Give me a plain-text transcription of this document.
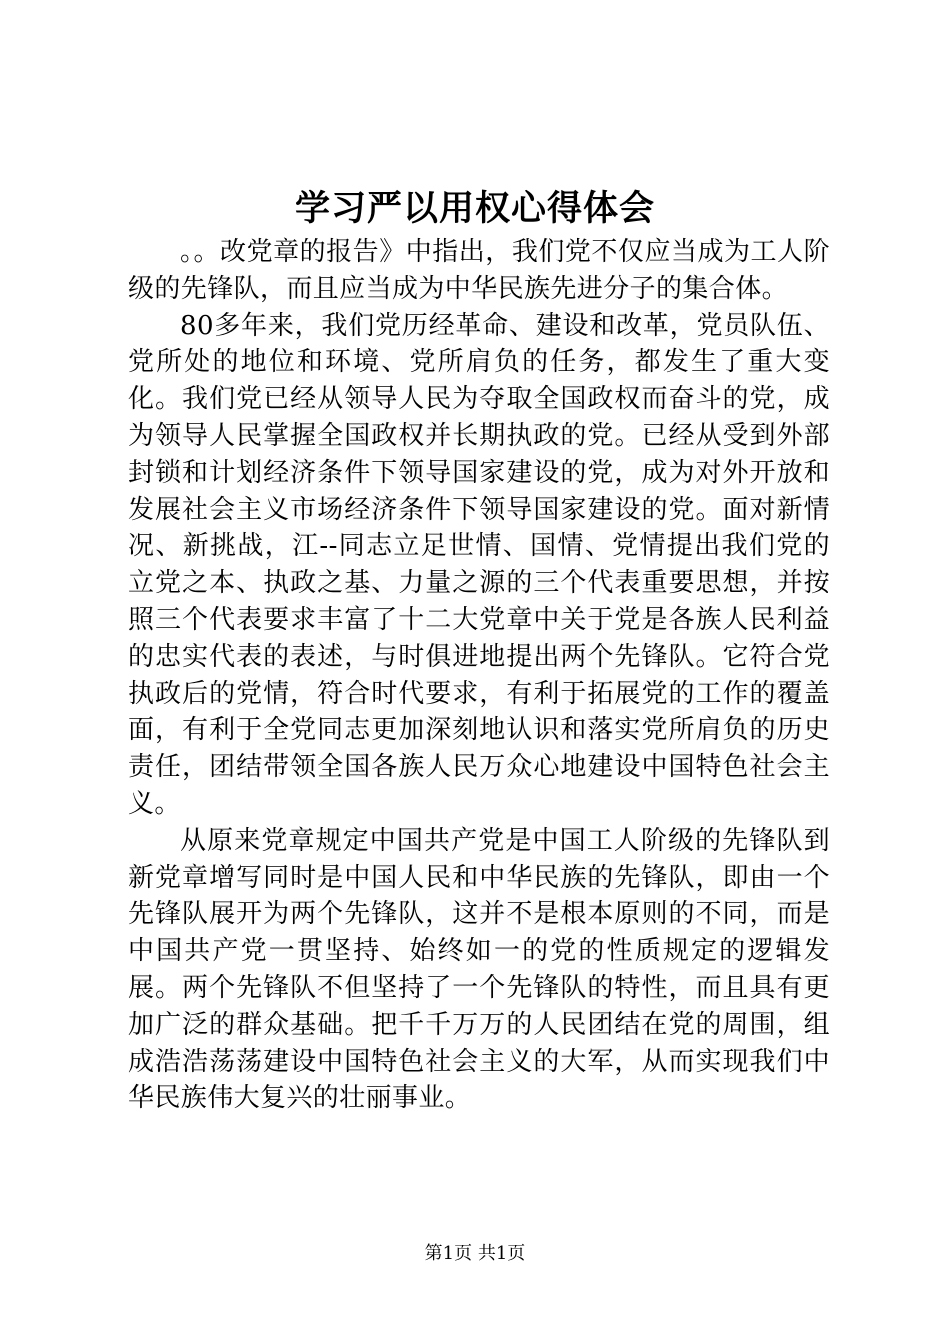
学习严以用权心得体会

。。改党章的报告》中指出，我们党不仅应当成为工人阶级的先锋队，而且应当成为中华民族先进分子的集合体。

80多年来，我们党历经革命、建设和改革，党员队伍、党所处的地位和环境、党所肩负的任务，都发生了重大变化。我们党已经从领导人民为夺取全国政权而奋斗的党，成为领导人民掌握全国政权并长期执政的党。已经从受到外部封锁和计划经济条件下领导国家建设的党，成为对外开放和发展社会主义市场经济条件下领导国家建设的党。面对新情况、新挑战，江--同志立足世情、国情、党情提出我们党的立党之本、执政之基、力量之源的三个代表重要思想，并按照三个代表要求丰富了十二大党章中关于党是各族人民利益的忠实代表的表述，与时俱进地提出两个先锋队。它符合党执政后的党情，符合时代要求，有利于拓展党的工作的覆盖面，有利于全党同志更加深刻地认识和落实党所肩负的历史责任，团结带领全国各族人民万众心地建设中国特色社会主义。

从原来党章规定中国共产党是中国工人阶级的先锋队到新党章增写同时是中国人民和中华民族的先锋队，即由一个先锋队展开为两个先锋队，这并不是根本原则的不同，而是中国共产党一贯坚持、始终如一的党的性质规定的逻辑发展。两个先锋队不但坚持了一个先锋队的特性，而且具有更加广泛的群众基础。把千千万万的人民团结在党的周围，组成浩浩荡荡建设中国特色社会主义的大军，从而实现我们中华民族伟大复兴的壮丽事业。

第1页 共1页
